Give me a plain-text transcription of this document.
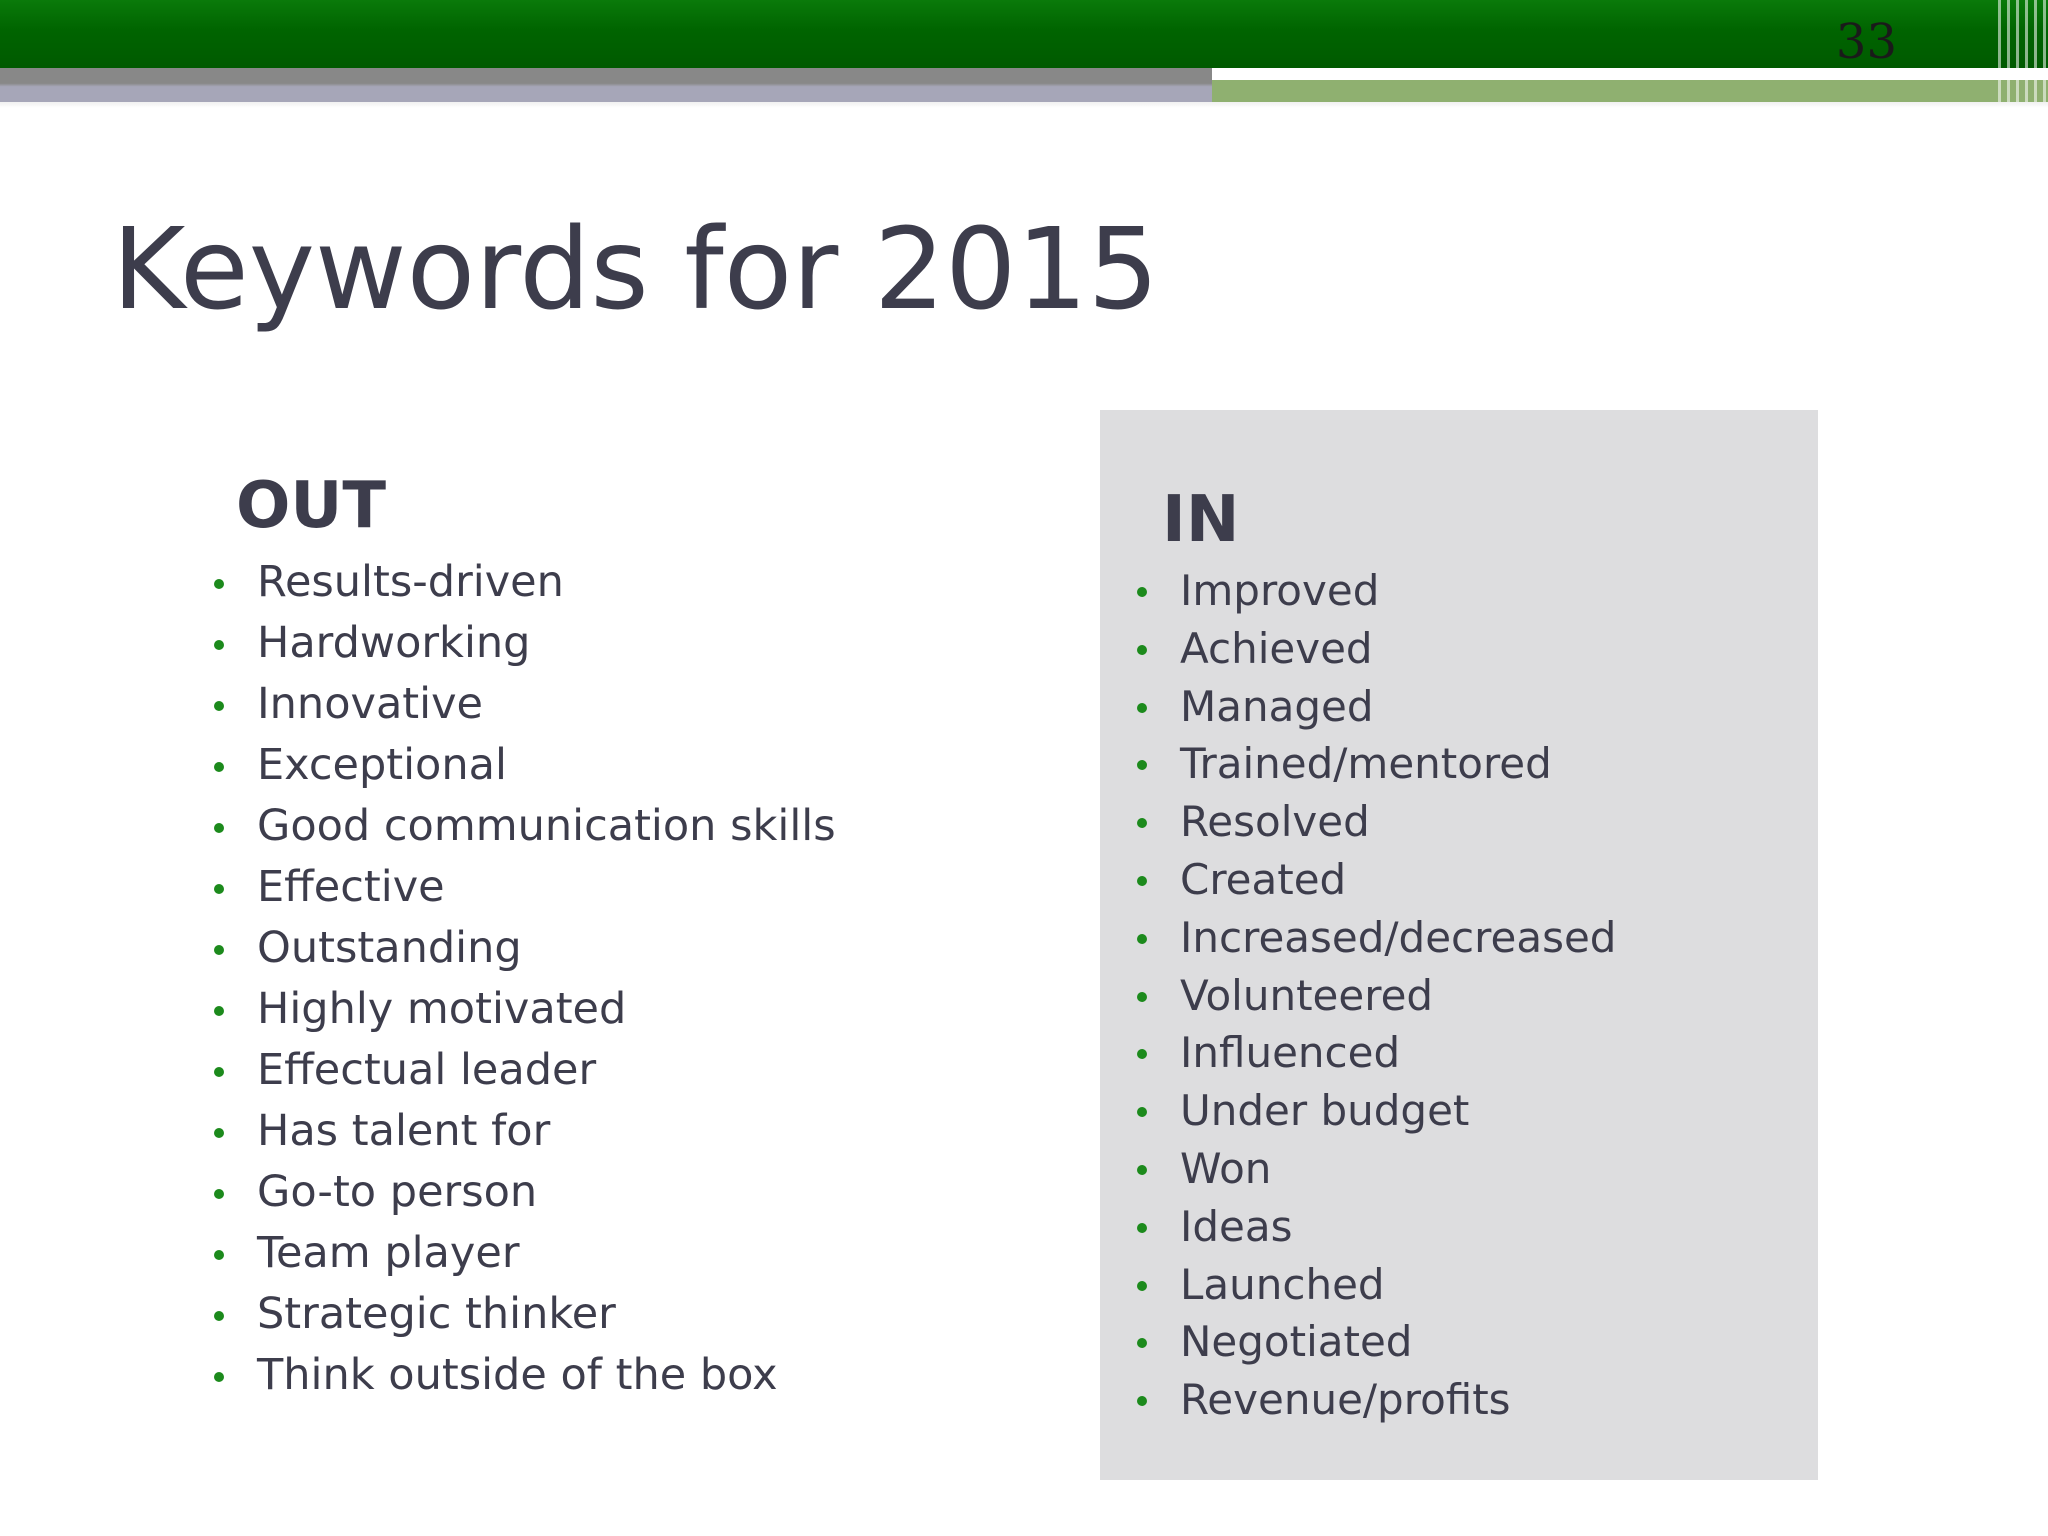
33
Keywords for 2015
OUT
Results-driven
Hardworking
Innovative
Exceptional
Good communication skills
Effective
Outstanding
Highly motivated
Effectual leader
Has talent for
Go-to person
Team player
Strategic thinker
Think outside of the box
IN
Improved
Achieved
Managed
Trained/mentored
Resolved
Created
Increased/decreased
Volunteered
Influenced
Under budget
Won
Ideas
Launched
Negotiated
Revenue/profits
